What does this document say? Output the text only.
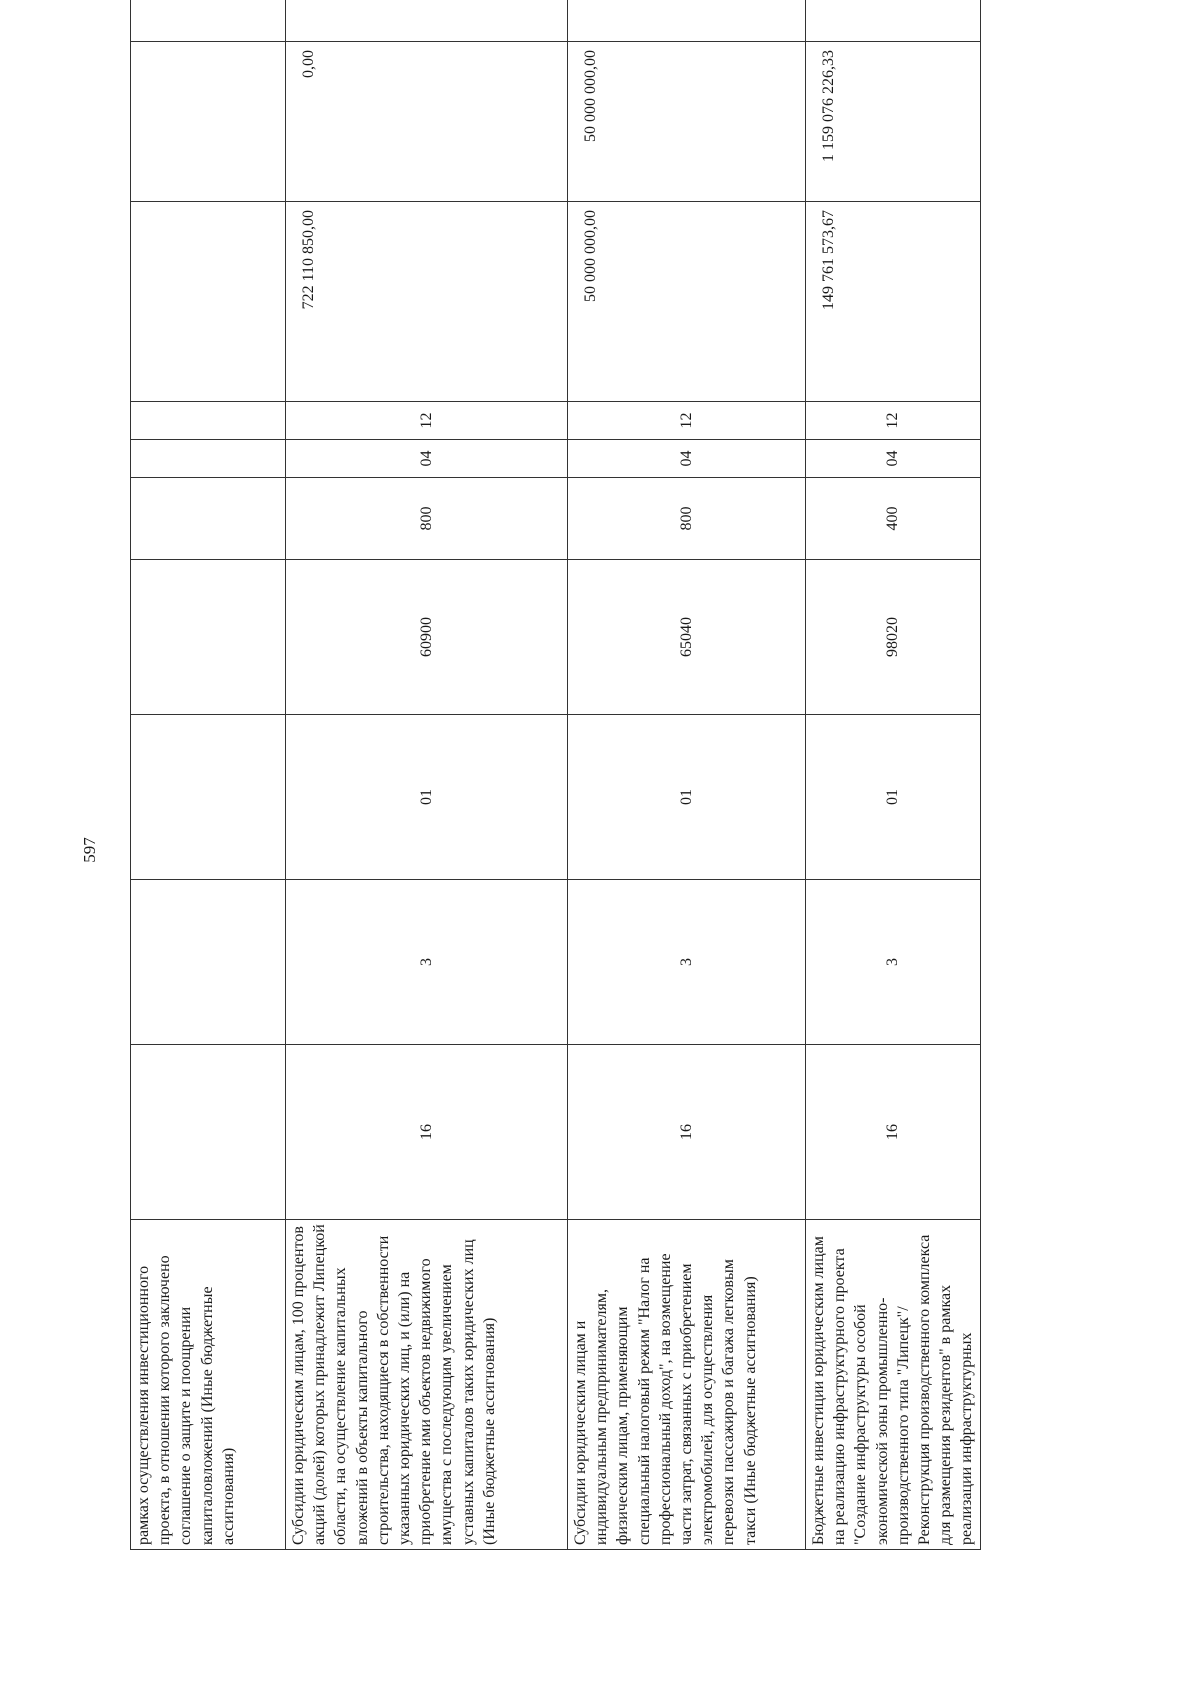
597
рамках осуществления инвестиционного проекта, в отношении которого заключено соглашение о защите и поощрении капиталовложений (Иные бюджетные ассигнования)										
Субсидии юридическим лицам, 100 процентов акций (долей) которых принадлежит Липецкой области, на осуществление капитальных вложений в объекты капитального строительства, находящиеся в собственности указанных юридических лиц, и (или) на приобретение ими объектов недвижимого имущества с последующим увеличением уставных капиталов таких юридических лиц (Иные бюджетные ассигнования)	16	3	01	60900	800	04	12	722 110 850,00	0,00	
Субсидии юридическим лицам и индивидуальным предпринимателям, физическим лицам, применяющим специальный налоговый режим "Налог на профессиональный доход", на возмещение части затрат, связанных с приобретением электромобилей, для осуществления перевозки пассажиров и багажа легковым такси (Иные бюджетные ассигнования)	16	3	01	65040	800	04	12	50 000 000,00	50 000 000,00	
Бюджетные инвестиции юридическим лицам на реализацию инфраструктурного проекта "Создание инфраструктуры особой экономической зоны промышленно-производственного типа "Липецк"/Реконструкция производственного комплекса для размещения резидентов" в рамках реализации инфраструктурных	16	3	01	98020	400	04	12	149 761 573,67	1 159 076 226,33	
